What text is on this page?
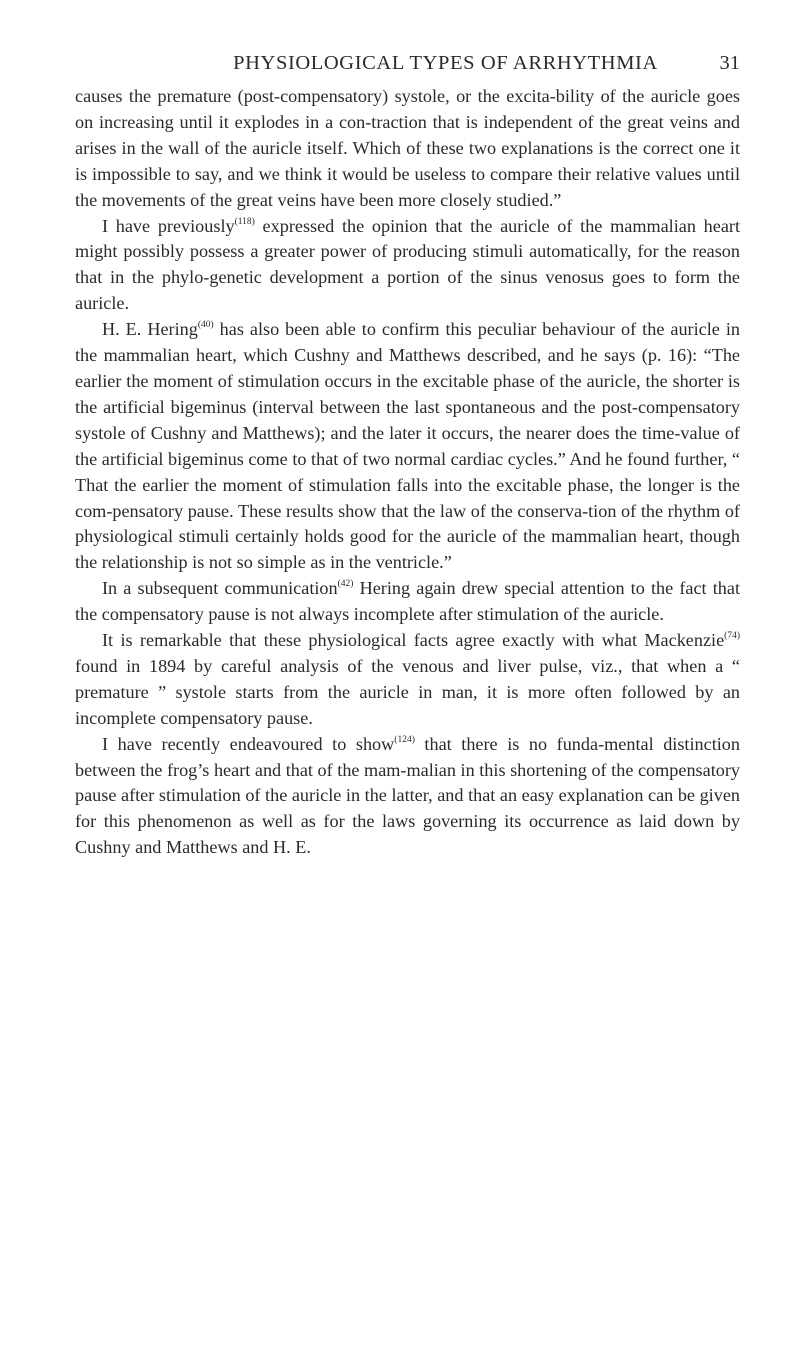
PHYSIOLOGICAL TYPES OF ARRHYTHMIA	31

causes the premature (post-compensatory) systole, or the excita-bility of the auricle goes on increasing until it explodes in a con-traction that is independent of the great veins and arises in the wall of the auricle itself. Which of these two explanations is the correct one it is impossible to say, and we think it would be useless to compare their relative values until the movements of the great veins have been more closely studied.”

I have previously$^{(118)}$ expressed the opinion that the auricle of the mammalian heart might possibly possess a greater power of producing stimuli automatically, for the reason that in the phylo-genetic development a portion of the sinus venosus goes to form the auricle.

H. E. Hering$^{(40)}$ has also been able to confirm this peculiar behaviour of the auricle in the mammalian heart, which Cushny and Matthews described, and he says (p. 16): “The earlier the moment of stimulation occurs in the excitable phase of the auricle, the shorter is the artificial bigeminus (interval between the last spontaneous and the post-compensatory systole of Cushny and Matthews); and the later it occurs, the nearer does the time-value of the artificial bigeminus come to that of two normal cardiac cycles.” And he found further, “ That the earlier the moment of stimulation falls into the excitable phase, the longer is the com-pensatory pause. These results show that the law of the conserva-tion of the rhythm of physiological stimuli certainly holds good for the auricle of the mammalian heart, though the relationship is not so simple as in the ventricle.”

In a subsequent communication$^{(42)}$ Hering again drew special attention to the fact that the compensatory pause is not always incomplete after stimulation of the auricle.

It is remarkable that these physiological facts agree exactly with what Mackenzie$^{(74)}$ found in 1894 by careful analysis of the venous and liver pulse, viz., that when a “ premature ” systole starts from the auricle in man, it is more often followed by an incomplete compensatory pause.

I have recently endeavoured to show$^{(124)}$ that there is no funda-mental distinction between the frog’s heart and that of the mam-malian in this shortening of the compensatory pause after stimulation of the auricle in the latter, and that an easy explanation can be given for this phenomenon as well as for the laws governing its occurrence as laid down by Cushny and Matthews and H. E.
